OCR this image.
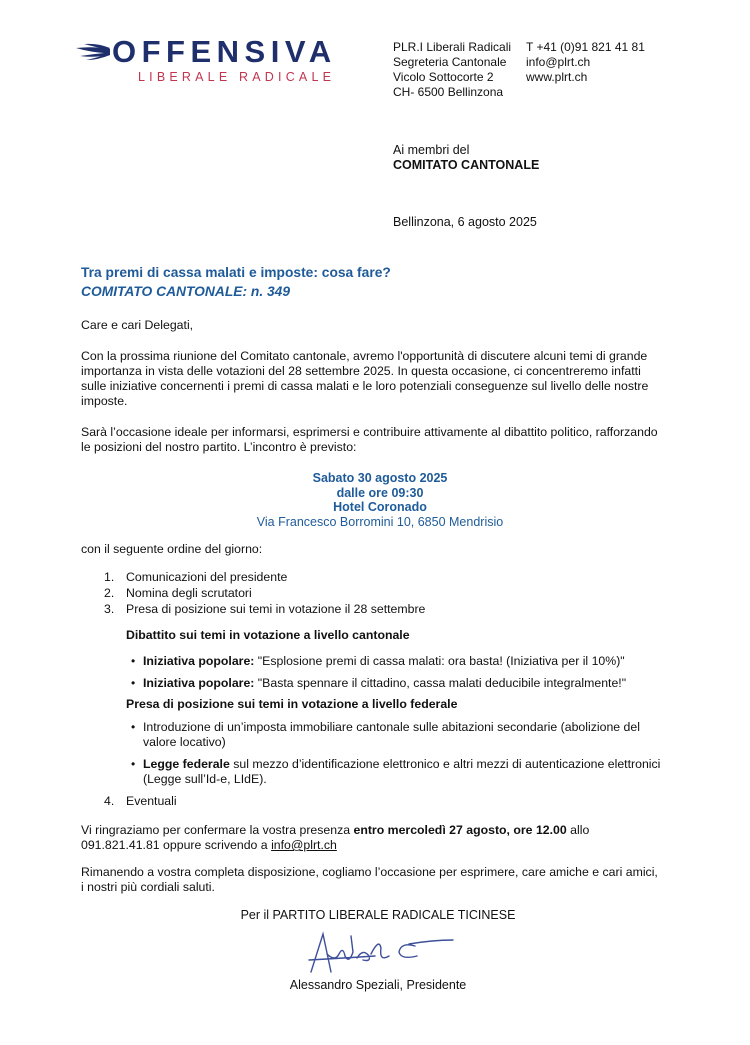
OFFENSIVA
LIBERALE RADICALE
PLR.I Liberali Radicali
Segreteria Cantonale
Vicolo Sottocorte 2
CH- 6500 Bellinzona
T +41 (0)91 821 41 81
info@plrt.ch
www.plrt.ch
Ai membri del
COMITATO CANTONALE
Bellinzona, 6 agosto 2025
Tra premi di cassa malati e imposte: cosa fare?
COMITATO CANTONALE: n. 349
Care e cari Delegati,
Con la prossima riunione del Comitato cantonale, avremo l'opportunità di discutere alcuni temi di grande
importanza in vista delle votazioni del 28 settembre 2025. In questa occasione, ci concentreremo infatti
sulle iniziative concernenti i premi di cassa malati e le loro potenziali conseguenze sul livello delle nostre
imposte.
Sarà l’occasione ideale per informarsi, esprimersi e contribuire attivamente al dibattito politico, rafforzando
le posizioni del nostro partito. L’incontro è previsto:
Sabato 30 agosto 2025
dalle ore 09:30
Hotel Coronado
Via Francesco Borromini 10, 6850 Mendrisio
con il seguente ordine del giorno:
1. Comunicazioni del presidente
2. Nomina degli scrutatori
3. Presa di posizione sui temi in votazione il 28 settembre
Dibattito sui temi in votazione a livello cantonale
• Iniziativa popolare: "Esplosione premi di cassa malati: ora basta! (Iniziativa per il 10%)"
• Iniziativa popolare: "Basta spennare il cittadino, cassa malati deducibile integralmente!"
Presa di posizione sui temi in votazione a livello federale
• Introduzione di un’imposta immobiliare cantonale sulle abitazioni secondarie (abolizione del
valore locativo)
• Legge federale sul mezzo d’identificazione elettronico e altri mezzi di autenticazione elettronici
(Legge sull’Id-e, LIdE).
4. Eventuali
Vi ringraziamo per confermare la vostra presenza entro mercoledì 27 agosto, ore 12.00 allo
091.821.41.81 oppure scrivendo a info@plrt.ch
Rimanendo a vostra completa disposizione, cogliamo l’occasione per esprimere, care amiche e cari amici,
i nostri più cordiali saluti.
Per il PARTITO LIBERALE RADICALE TICINESE
Alessandro Speziali, Presidente
